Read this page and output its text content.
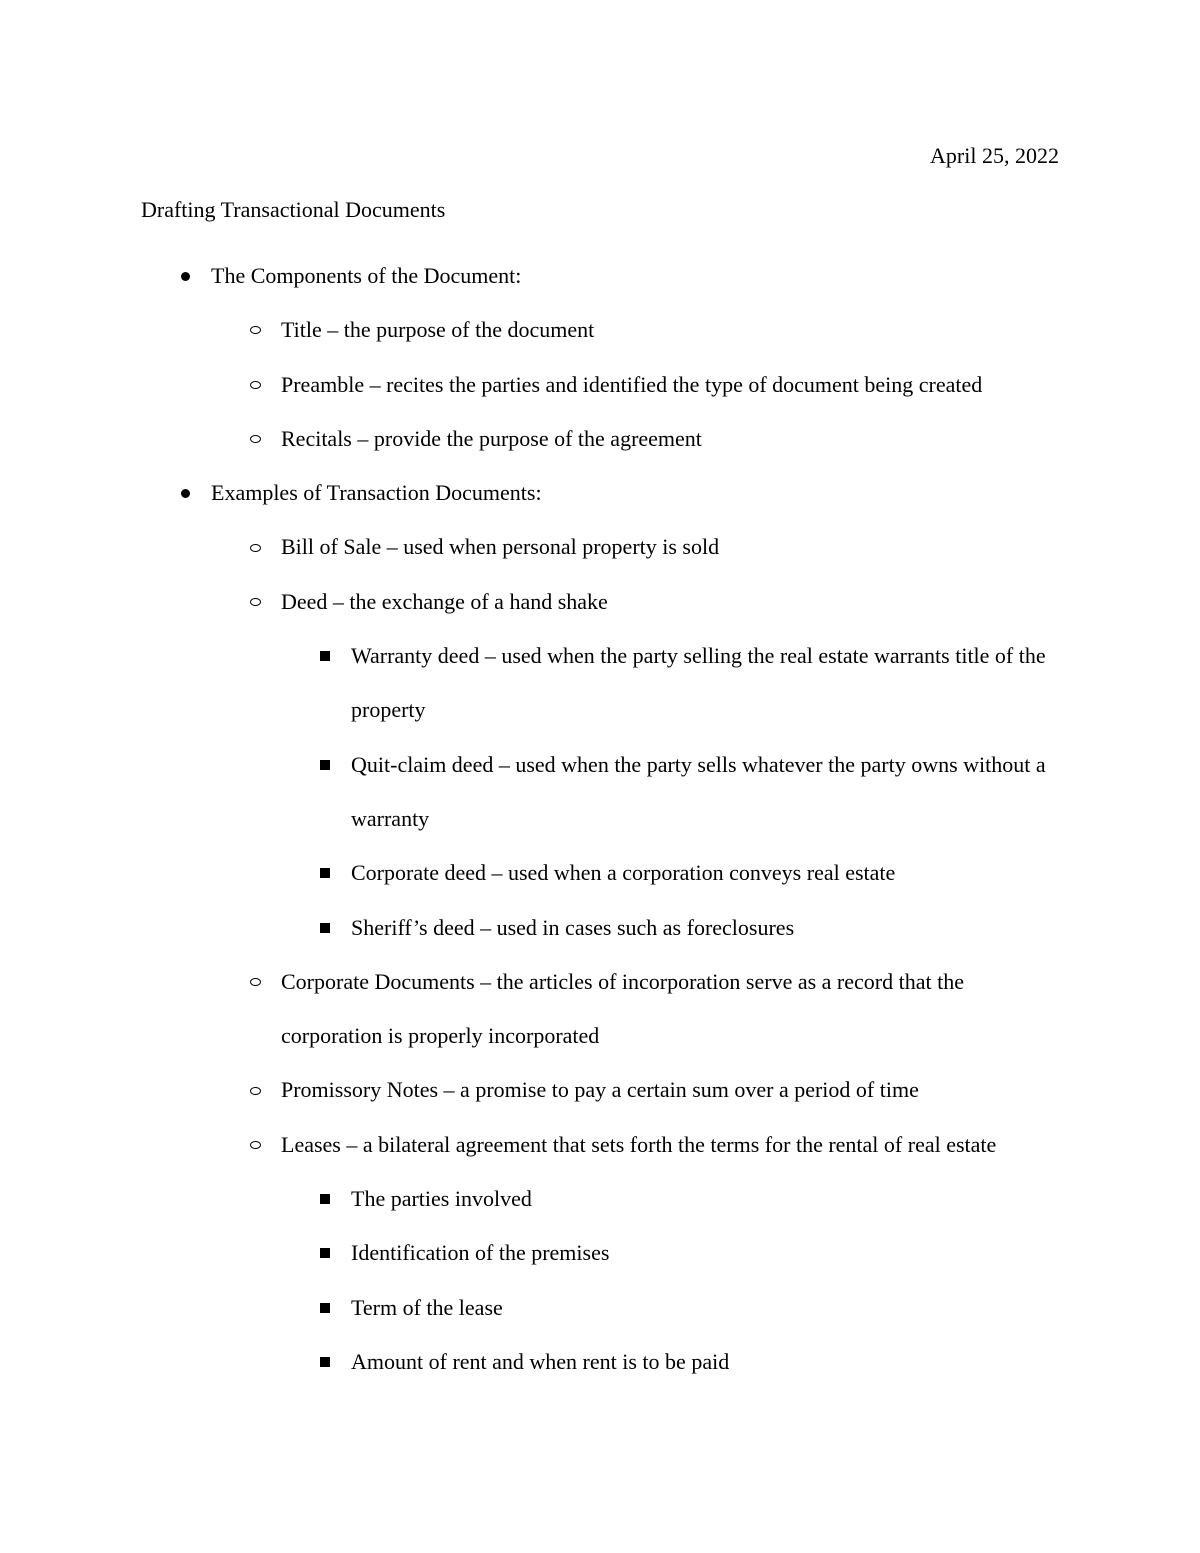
April 25, 2022
Drafting Transactional Documents
The Components of the Document:
Title – the purpose of the document
Preamble – recites the parties and identified the type of document being created
Recitals – provide the purpose of the agreement
Examples of Transaction Documents:
Bill of Sale – used when personal property is sold
Deed – the exchange of a hand shake
Warranty deed – used when the party selling the real estate warrants title of the property
Quit-claim deed – used when the party sells whatever the party owns without a warranty
Corporate deed – used when a corporation conveys real estate
Sheriff’s deed – used in cases such as foreclosures
Corporate Documents – the articles of incorporation serve as a record that the corporation is properly incorporated
Promissory Notes – a promise to pay a certain sum over a period of time
Leases – a bilateral agreement that sets forth the terms for the rental of real estate
The parties involved
Identification of the premises
Term of the lease
Amount of rent and when rent is to be paid
